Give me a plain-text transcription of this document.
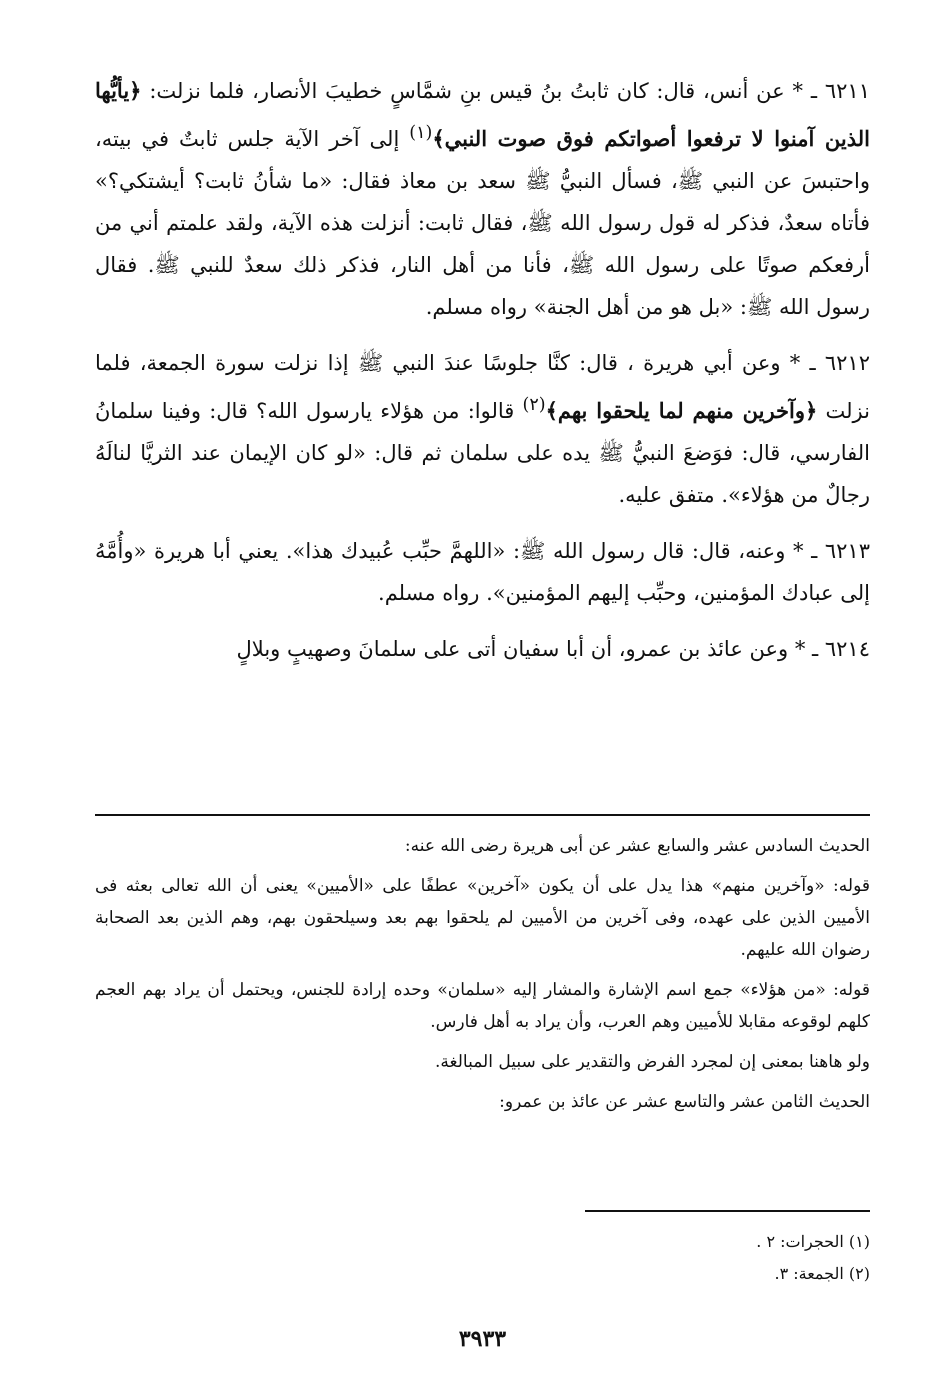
٦٢١١ ـ * عن أنس، قال: كان ثابتُ بنُ قيس بنِ شمَّاسٍ خطيبَ الأنصار، فلما نزلت: ﴿يأيُّها الذين آمنوا لا ترفعوا أصواتكم فوق صوت النبي﴾$^{(١)}$ إلى آخر الآية جلس ثابتٌ في بيته، واحتبسَ عن النبي ﷺ، فسأل النبيُّ ﷺ سعد بن معاذ فقال: «ما شأنُ ثابت؟ أيشتكي؟» فأتاه سعدٌ، فذكر له قول رسول الله ﷺ، فقال ثابت: أنزلت هذه الآية، ولقد علمتم أني من أرفعكم صوتًا على رسول الله ﷺ، فأنا من أهل النار، فذكر ذلك سعدٌ للنبي ﷺ. فقال رسول الله ﷺ: «بل هو من أهل الجنة» رواه مسلم.

٦٢١٢ ـ * وعن أبي هريرة ، قال: كنَّا جلوسًا عندَ النبي ﷺ إذا نزلت سورة الجمعة، فلما نزلت ﴿وآخرين منهم لما يلحقوا بهم﴾$^{(٢)}$ قالوا: من هؤلاء يارسول الله؟ قال: وفينا سلمانُ الفارسي، قال: فوَضعَ النبيُّ ﷺ يده على سلمان ثم قال: «لو كان الإيمان عند الثريَّا لنالَهُ رجالٌ من هؤلاء». متفق عليه.

٦٢١٣ ـ * وعنه، قال: قال رسول الله ﷺ: «اللهمَّ حبِّب عُبيدك هذا». يعني أبا هريرة «وأُمَّهُ إلى عبادك المؤمنين، وحبِّب إليهم المؤمنين». رواه مسلم.

٦٢١٤ ـ * وعن عائذ بن عمرو، أن أبا سفيان أتى على سلمانَ وصهيبٍ وبلالٍ

الحديث السادس عشر والسابع عشر عن أبى هريرة رضى الله عنه:

قوله: «وآخرين منهم» هذا يدل على أن يكون «آخرين» عطفًا على «الأميين» يعنى أن الله تعالى بعثه فى الأميين الذين على عهده، وفى آخرين من الأميين لم يلحقوا بهم بعد وسيلحقون بهم، وهم الذين بعد الصحابة رضوان الله عليهم.

قوله: «من هؤلاء» جمع اسم الإشارة والمشار إليه «سلمان» وحده إرادة للجنس، ويحتمل أن يراد بهم العجم كلهم لوقوعه مقابلا للأميين وهم العرب، وأن يراد به أهل فارس.

ولو هاهنا بمعنى إن لمجرد الفرض والتقدير على سبيل المبالغة.

الحديث الثامن عشر والتاسع عشر عن عائذ بن عمرو:

(١) الحجرات: ٢ .
(٢) الجمعة: ٣.
٣٩٣٣
